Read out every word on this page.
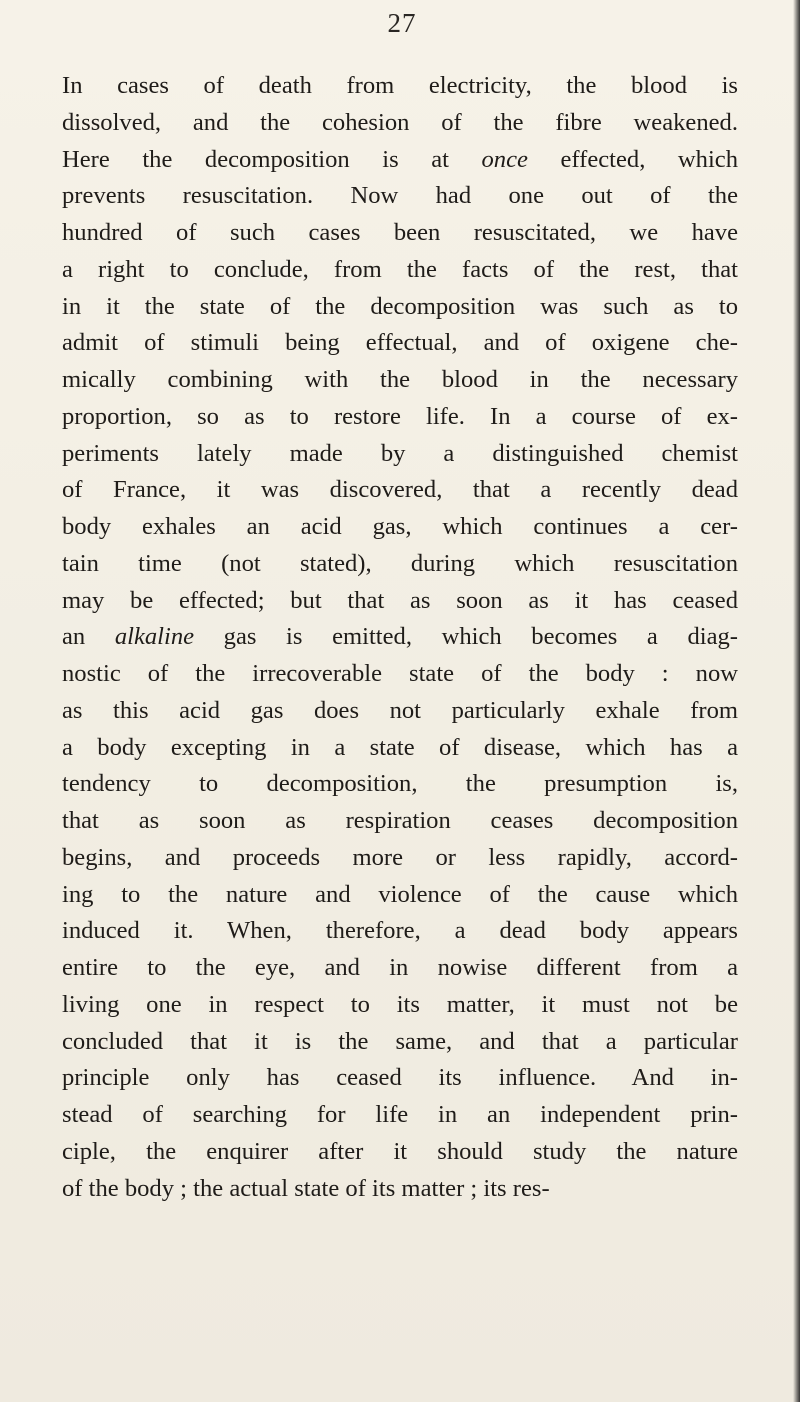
27
In cases of death from electricity, the blood is
dissolved, and the cohesion of the fibre weakened.
Here the decomposition is at once effected, which
prevents resuscitation. Now had one out of the
hundred of such cases been resuscitated, we have
a right to conclude, from the facts of the rest, that
in it the state of the decomposition was such as to
admit of stimuli being effectual, and of oxigene che-
mically combining with the blood in the necessary
proportion, so as to restore life. In a course of ex-
periments lately made by a distinguished chemist
of France, it was discovered, that a recently dead
body exhales an acid gas, which continues a cer-
tain time (not stated), during which resuscitation
may be effected; but that as soon as it has ceased
an alkaline gas is emitted, which becomes a diag-
nostic of the irrecoverable state of the body : now
as this acid gas does not particularly exhale from
a body excepting in a state of disease, which has a
tendency to decomposition, the presumption is,
that as soon as respiration ceases decomposition
begins, and proceeds more or less rapidly, accord-
ing to the nature and violence of the cause which
induced it. When, therefore, a dead body appears
entire to the eye, and in nowise different from a
living one in respect to its matter, it must not be
concluded that it is the same, and that a particular
principle only has ceased its influence. And in-
stead of searching for life in an independent prin-
ciple, the enquirer after it should study the nature
of the body ; the actual state of its matter ; its res-
